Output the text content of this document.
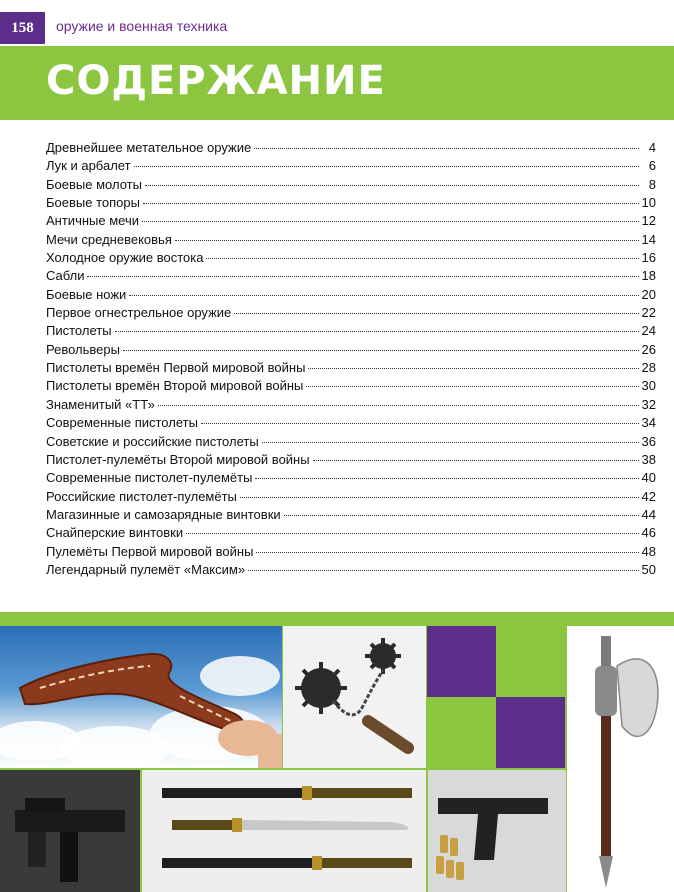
158	оружие и военная техника
СОДЕРЖАНИЕ
Древнейшее метательное оружие	4
Лук и арбалет	6
Боевые молоты	8
Боевые топоры	10
Античные мечи	12
Мечи средневековья	14
Холодное оружие востока	16
Сабли	18
Боевые ножи	20
Первое огнестрельное оружие	22
Пистолеты	24
Револьверы	26
Пистолеты времён Первой мировой войны	28
Пистолеты времён Второй мировой войны	30
Знаменитый «ТТ»	32
Современные пистолеты	34
Советские и российские пистолеты	36
Пистолет-пулемёты Второй мировой войны	38
Современные пистолет-пулемёты	40
Российские пистолет-пулемёты	42
Магазинные и самозарядные винтовки	44
Снайперские винтовки	46
Пулемёты Первой мировой войны	48
Легендарный пулемёт «Максим»	50
